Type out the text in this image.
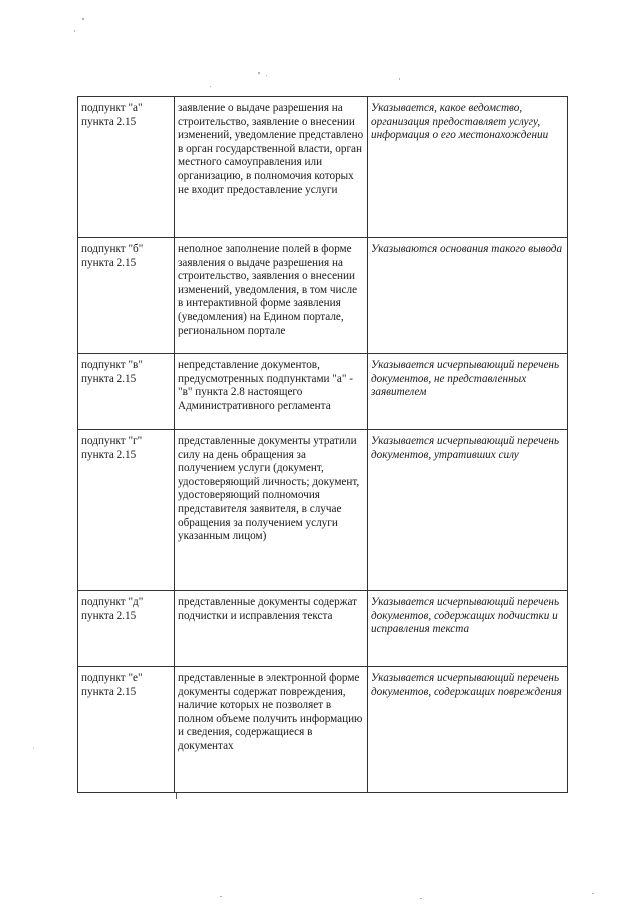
подпункт "а" пункта 2.15	заявление о выдаче разрешения на строительство, заявление о внесении изменений, уведомление представлено в орган государственной власти, орган местного самоуправления или организацию, в полномочия которых не входит предоставление услуги	Указывается, какое ведомство, организация предоставляет услугу, информация о его местонахождении
подпункт "б" пункта 2.15	неполное заполнение полей в форме заявления о выдаче разрешения на строительство, заявления о внесении изменений, уведомления, в том числе в интерактивной форме заявления (уведомления) на Едином портале, региональном портале	Указываются основания такого вывода
подпункт "в" пункта 2.15	непредставление документов, предусмотренных подпунктами "а" - "в" пункта 2.8 настоящего Административного регламента	Указывается исчерпывающий перечень документов, не представленных заявителем
подпункт "г" пункта 2.15	представленные документы утратили силу на день обращения за получением услуги (документ, удостоверяющий личность; документ, удостоверяющий полномочия представителя заявителя, в случае обращения за получением услуги указанным лицом)	Указывается исчерпывающий перечень документов, утративших силу
подпункт "д" пункта 2.15	представленные документы содержат подчистки и исправления текста	Указывается исчерпывающий перечень документов, содержащих подчистки и исправления текста
подпункт "е" пункта 2.15	представленные в электронной форме документы содержат повреждения, наличие которых не позволяет в полном объеме получить информацию и сведения, содержащиеся в документах	Указывается исчерпывающий перечень документов, содержащих повреждения
